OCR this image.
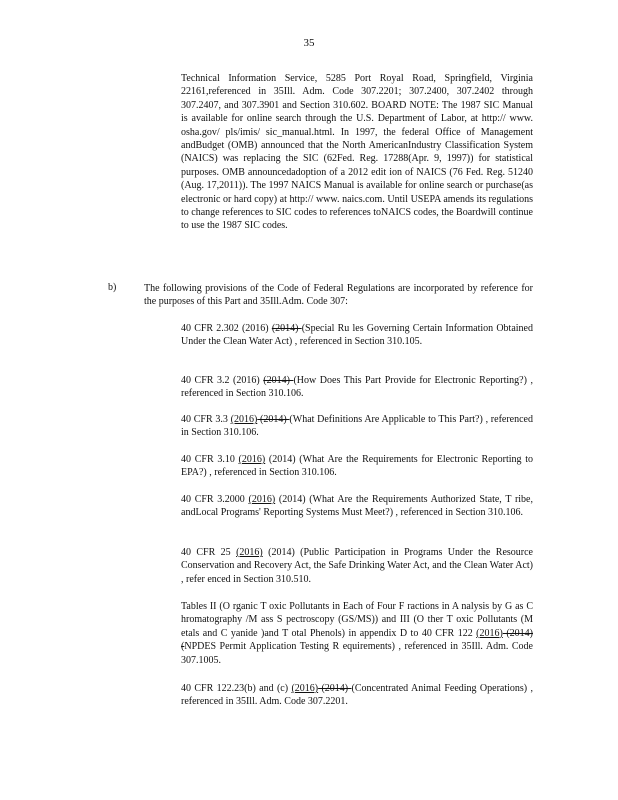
35
Technical Information Service, 5285 Port Royal Road, Springfield, Virginia 22161,referenced in 35Ill. Adm. Code 307.2201; 307.2400, 307.2402 through 307.2407, and 307.3901 and Section 310.602. BOARD NOTE: The 1987 SIC Manual is available for online search through the U.S. Department of Labor, at http:// www. osha.gov/ pls/imis/ sic_manual.html. In 1997, the federal Office of Management andBudget (OMB) announced that the North AmericanIndustry Classification System (NAICS) was replacing the SIC (62Fed. Reg. 17288(Apr. 9, 1997)) for statistical purposes. OMB announcedadoption of a 2012 edit ion of NAICS (76 Fed. Reg. 51240 (Aug. 17,2011)). The 1997 NAICS Manual is available for online search or purchase(as electronic or hard copy) at http:// www. naics.com. Until USEPA amends its regulations to change references to SIC codes to references toNAICS codes, the Boardwill continue to use the 1987 SIC codes.
b)	The following provisions of the Code of Federal Regulations are incorporated by reference for the purposes of this Part and 35Ill.Adm. Code 307:
40 CFR 2.302 (2016) (2014) (Special Ru les Governing Certain Information Obtained Under the Clean Water Act) , referenced in Section 310.105.
40 CFR 3.2 (2016) (2014) (How Does This Part Provide for Electronic Reporting?) , referenced in Section 310.106.
40 CFR 3.3 (2016) (2014) (What Definitions Are Applicable to This Part?) , referenced in Section 310.106.
40 CFR 3.10 (2016) (2014) (What Are the Requirements for Electronic Reporting to EPA?) , referenced in Section 310.106.
40 CFR 3.2000 (2016) (2014) (What Are the Requirements Authorized State, T ribe, andLocal Programs' Reporting Systems Must Meet?) , referenced in Section 310.106.
40 CFR 25 (2016) (2014) (Public Participation in Programs Under the Resource Conservation and Recovery Act, the Safe Drinking Water Act, and the Clean Water Act) , refer enced in Section 310.510.
Tables II (O rganic T oxic Pollutants in Each of Four F ractions in A nalysis by G as C hromatography /M ass S pectroscopy (GS/MS)) and III (O ther T oxic Pollutants (M etals and C yanide )and T otal Phenols) in appendix D to 40 CFR 122 (2016) (2014) (NPDES Permit Application Testing R equirements) , referenced in 35Ill. Adm. Code 307.1005.
40 CFR 122.23(b) and (c) (2016) (2014) (Concentrated Animal Feeding Operations) , referenced in 35Ill. Adm. Code 307.2201.
